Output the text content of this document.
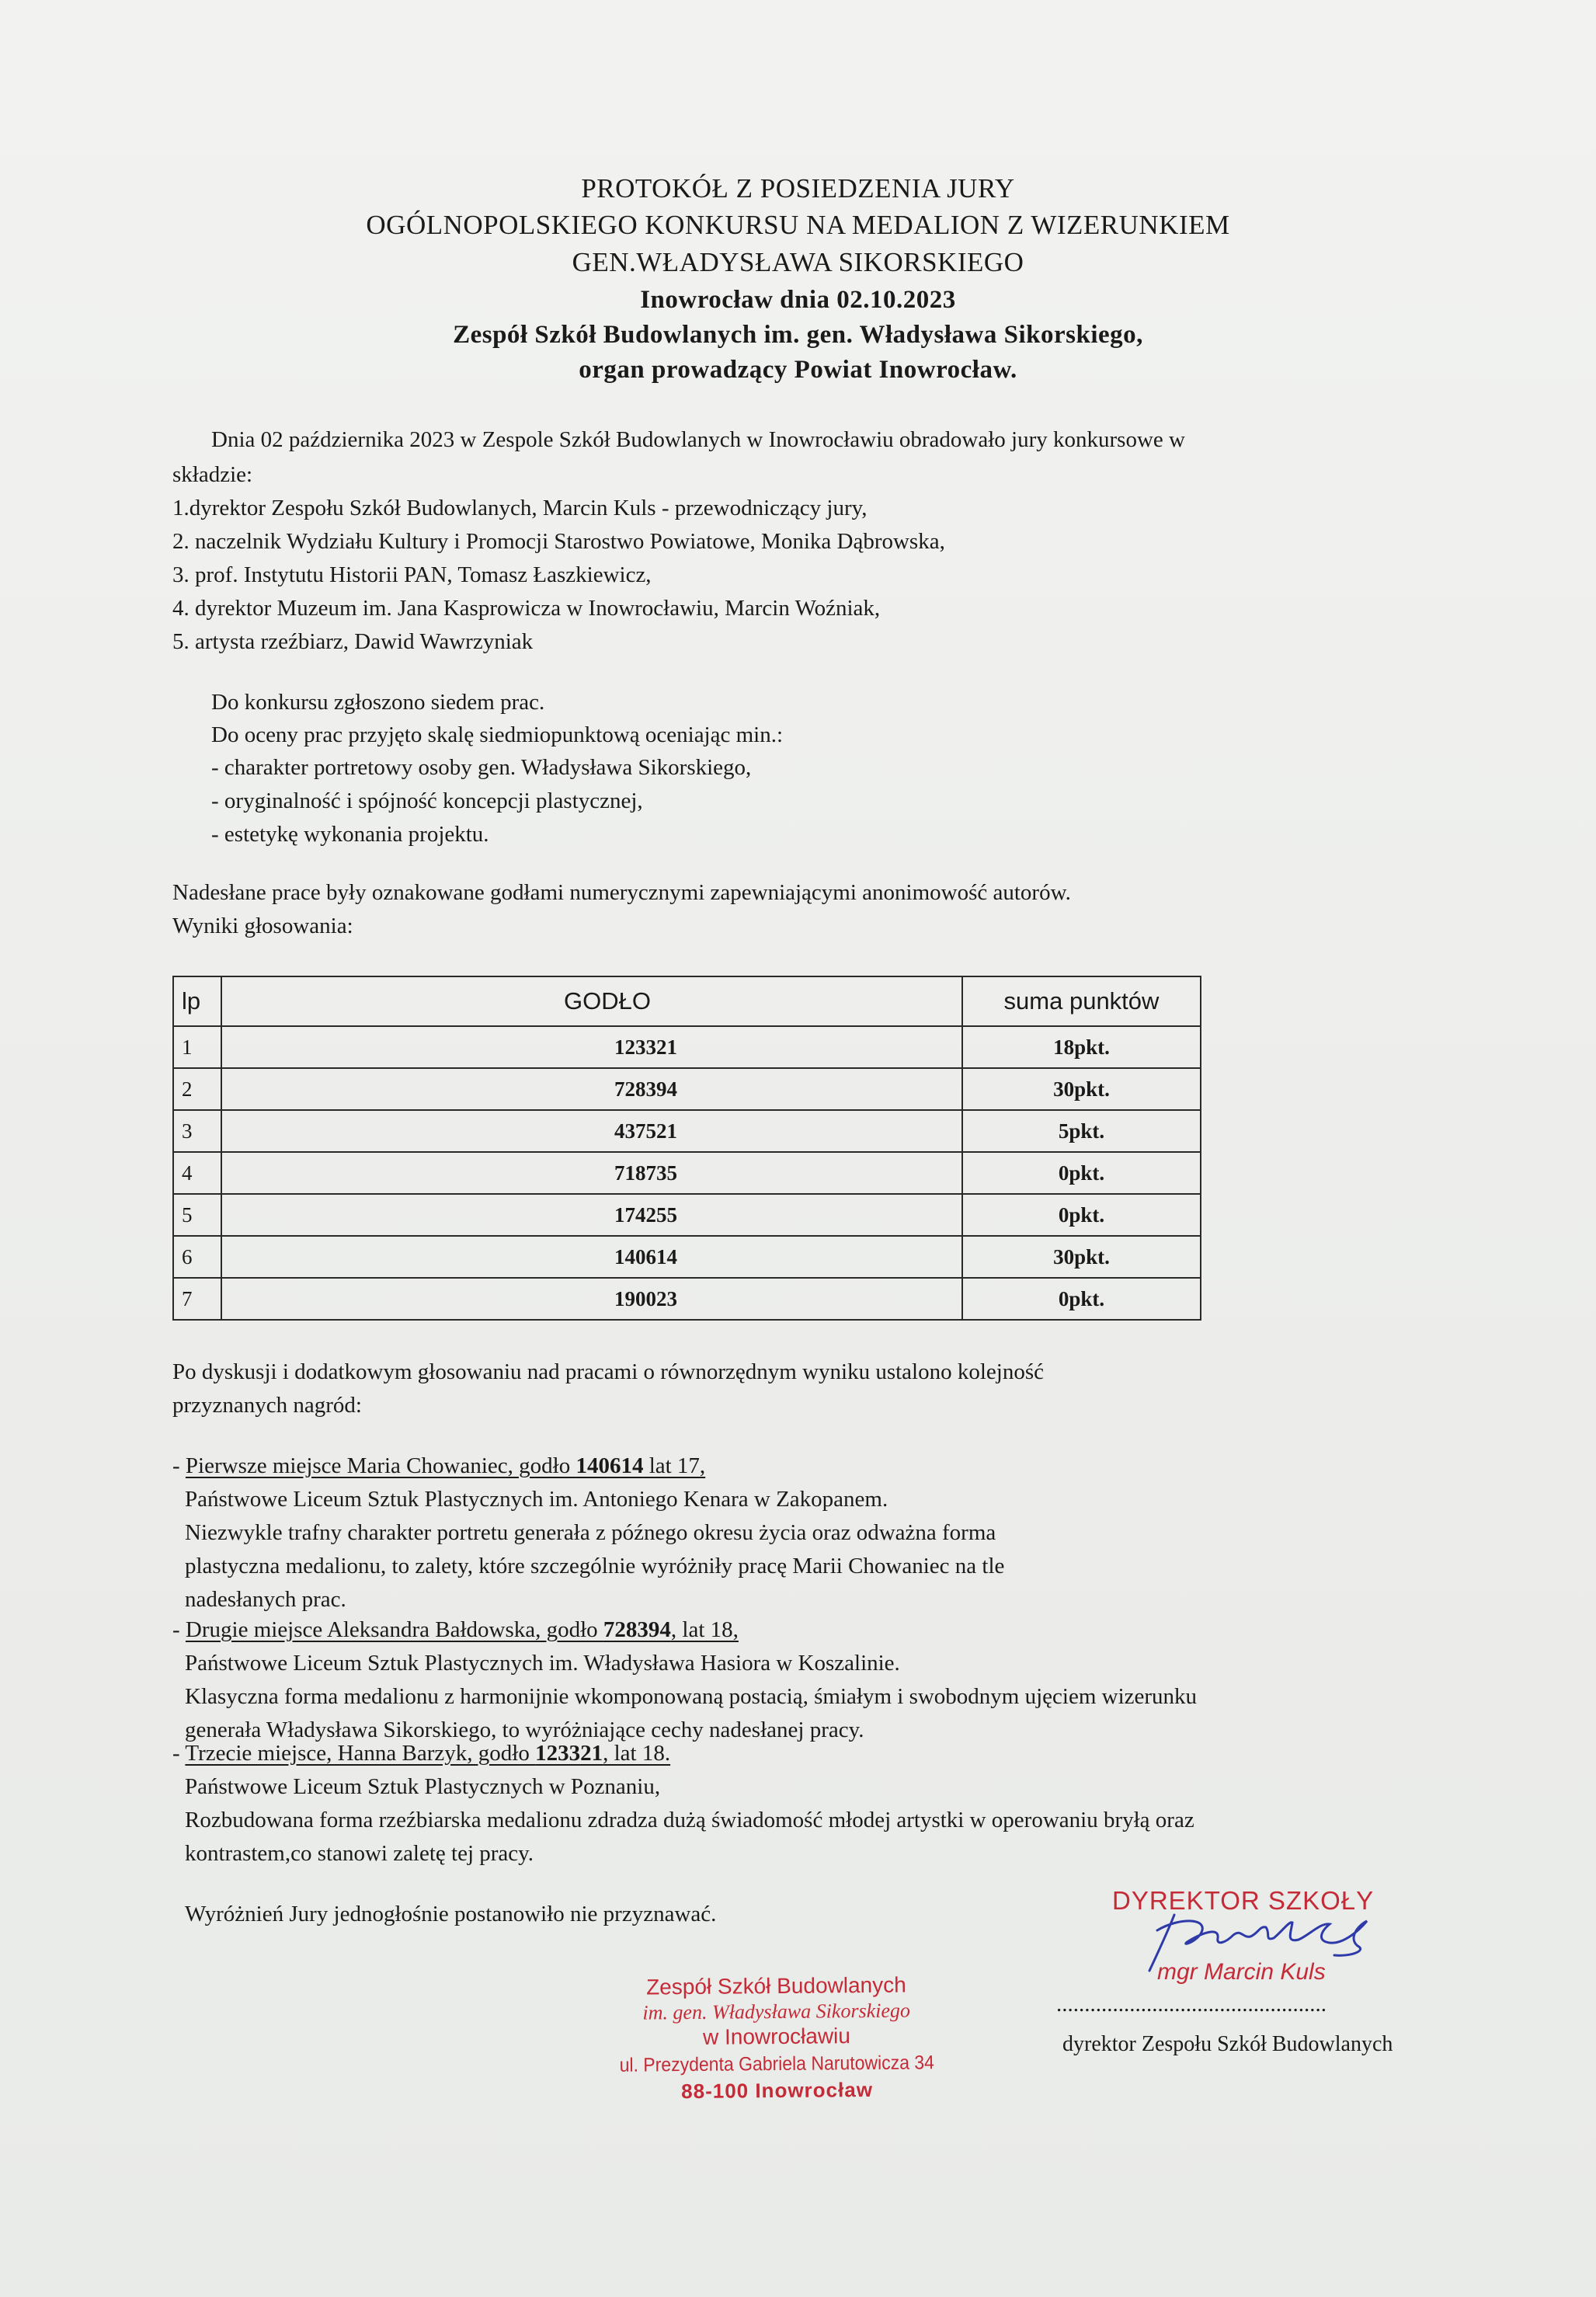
PROTOKÓŁ Z POSIEDZENIA JURY
OGÓLNOPOLSKIEGO KONKURSU NA MEDALION Z WIZERUNKIEM
GEN.WŁADYSŁAWA SIKORSKIEGO
Inowrocław dnia 02.10.2023
Zespół Szkół Budowlanych im. gen. Władysława Sikorskiego,
organ prowadzący Powiat Inowrocław.
Dnia 02 października 2023 w Zespole Szkół Budowlanych w Inowrocławiu obradowało jury konkursowe w
składzie:
1.dyrektor Zespołu Szkół Budowlanych, Marcin Kuls - przewodniczący jury,
2. naczelnik Wydziału Kultury i Promocji Starostwo Powiatowe, Monika Dąbrowska,
3. prof. Instytutu Historii PAN, Tomasz Łaszkiewicz,
4. dyrektor Muzeum im. Jana Kasprowicza w Inowrocławiu, Marcin Woźniak,
5. artysta rzeźbiarz, Dawid Wawrzyniak
Do konkursu zgłoszono siedem prac.
Do oceny prac przyjęto skalę siedmiopunktową oceniając min.:
- charakter portretowy osoby gen. Władysława Sikorskiego,
- oryginalność i spójność koncepcji plastycznej,
- estetykę wykonania projektu.
Nadesłane prace były oznakowane godłami numerycznymi zapewniającymi anonimowość autorów.
Wyniki głosowania:
lp	GODŁO	suma punktów
1	123321	18pkt.
2	728394	30pkt.
3	437521	5pkt.
4	718735	0pkt.
5	174255	0pkt.
6	140614	30pkt.
7	190023	0pkt.
Po dyskusji i dodatkowym głosowaniu nad pracami o równorzędnym wyniku ustalono kolejność
przyznanych nagród:
- Pierwsze miejsce Maria Chowaniec, godło 140614 lat 17,
Państwowe Liceum Sztuk Plastycznych im. Antoniego Kenara w Zakopanem.
Niezwykle trafny charakter portretu generała z późnego okresu życia oraz odważna forma
plastyczna medalionu, to zalety, które szczególnie wyróżniły pracę Marii Chowaniec na tle
nadesłanych prac.
- Drugie miejsce Aleksandra Bałdowska, godło 728394, lat 18,
Państwowe Liceum Sztuk Plastycznych im. Władysława Hasiora w Koszalinie.
Klasyczna forma medalionu z harmonijnie wkomponowaną postacią, śmiałym i swobodnym ujęciem wizerunku
generała Władysława Sikorskiego, to wyróżniające cechy nadesłanej pracy.
- Trzecie miejsce, Hanna Barzyk, godło 123321, lat 18.
Państwowe Liceum Sztuk Plastycznych w Poznaniu,
Rozbudowana forma rzeźbiarska medalionu zdradza dużą świadomość młodej artystki w operowaniu bryłą oraz
kontrastem,co stanowi zaletę tej pracy.
Wyróżnień Jury jednogłośnie postanowiło nie przyznawać.
Zespół Szkół Budowlanych
im. gen. Władysława Sikorskiego
w Inowrocławiu
ul. Prezydenta Gabriela Narutowicza 34
88-100 Inowrocław
DYREKTOR SZKOŁY
mgr Marcin Kuls
................................................
dyrektor Zespołu Szkół Budowlanych
